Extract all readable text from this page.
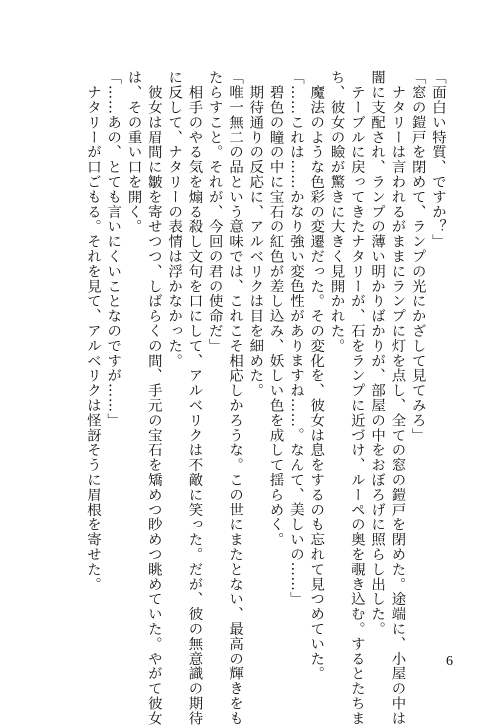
「面白い特質、ですか？」
「窓の鎧戸を閉めて、ランプの光にかざして見てみろ」
　ナタリーは言われるがままにランプに灯を点し、全ての窓の鎧戸を閉めた。途端に、小屋の中は
闇に支配され、ランプの薄い明かりばかりが、部屋の中をおぼろげに照らし出した。
　テーブルに戻ってきたナタリーが、石をランプに近づけ、ルーペの奥を覗き込む。するとたちま
ち、彼女の瞼が驚きに大きく見開かれた。
　魔法のような色彩の変遷だった。その変化を、彼女は息をするのも忘れて見つめていた。
「……これは……かなり強い変色性がありますね……。なんて、美しいの……」
　碧色の瞳の中に宝石の紅色が差し込み、妖しい色を成して揺らめく。
　期待通りの反応に、アルベリクは目を細めた。
「唯一無二の品という意味では、これこそ相応しかろうな。この世にまたとない、最高の輝きをも
たらすこと。それが、今回の君の使命だ」
　相手のやる気を煽る殺し文句を口にして、アルベリクは不敵に笑った。だが、彼の無意識の期待
に反して、ナタリーの表情は浮かなかった。
　彼女は眉間に皺を寄せつつ、しばらくの間、手元の宝石を矯めつ眇めつ眺めていた。やがて彼女
は、その重い口を開く。
「……あの、とても言いにくいことなのですが……」
　ナタリーが口ごもる。それを見て、アルベリクは怪訝そうに眉根を寄せた。
6
